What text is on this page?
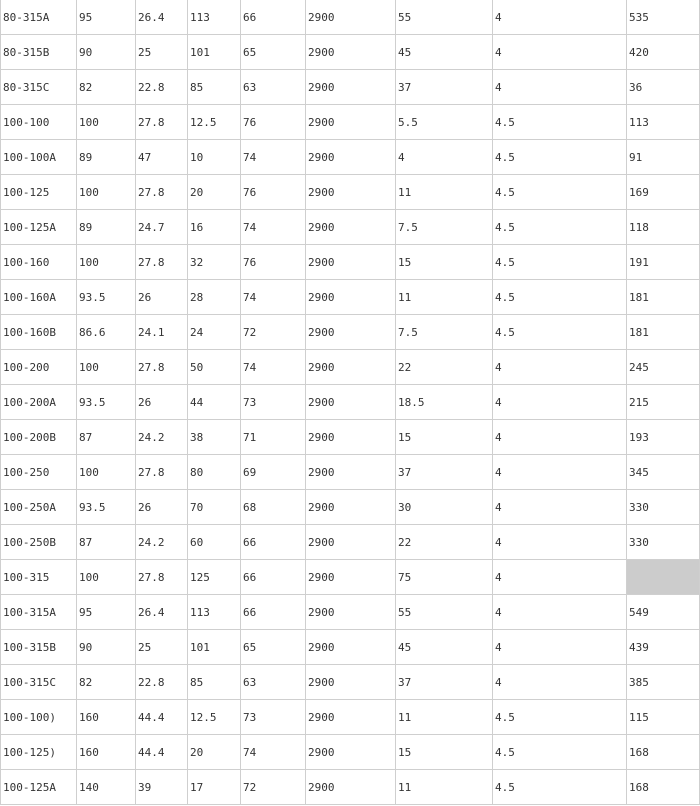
80-315A	95	26.4	113	66	2900	55	4	535
80-315B	90	25	101	65	2900	45	4	420
80-315C	82	22.8	85	63	2900	37	4	36
100-100	100	27.8	12.5	76	2900	5.5	4.5	113
100-100A	89	47	10	74	2900	4	4.5	91
100-125	100	27.8	20	76	2900	11	4.5	169
100-125A	89	24.7	16	74	2900	7.5	4.5	118
100-160	100	27.8	32	76	2900	15	4.5	191
100-160A	93.5	26	28	74	2900	11	4.5	181
100-160B	86.6	24.1	24	72	2900	7.5	4.5	181
100-200	100	27.8	50	74	2900	22	4	245
100-200A	93.5	26	44	73	2900	18.5	4	215
100-200B	87	24.2	38	71	2900	15	4	193
100-250	100	27.8	80	69	2900	37	4	345
100-250A	93.5	26	70	68	2900	30	4	330
100-250B	87	24.2	60	66	2900	22	4	330
100-315	100	27.8	125	66	2900	75	4	
100-315A	95	26.4	113	66	2900	55	4	549
100-315B	90	25	101	65	2900	45	4	439
100-315C	82	22.8	85	63	2900	37	4	385
100-100)	160	44.4	12.5	73	2900	11	4.5	115
100-125)	160	44.4	20	74	2900	15	4.5	168
100-125A	140	39	17	72	2900	11	4.5	168
